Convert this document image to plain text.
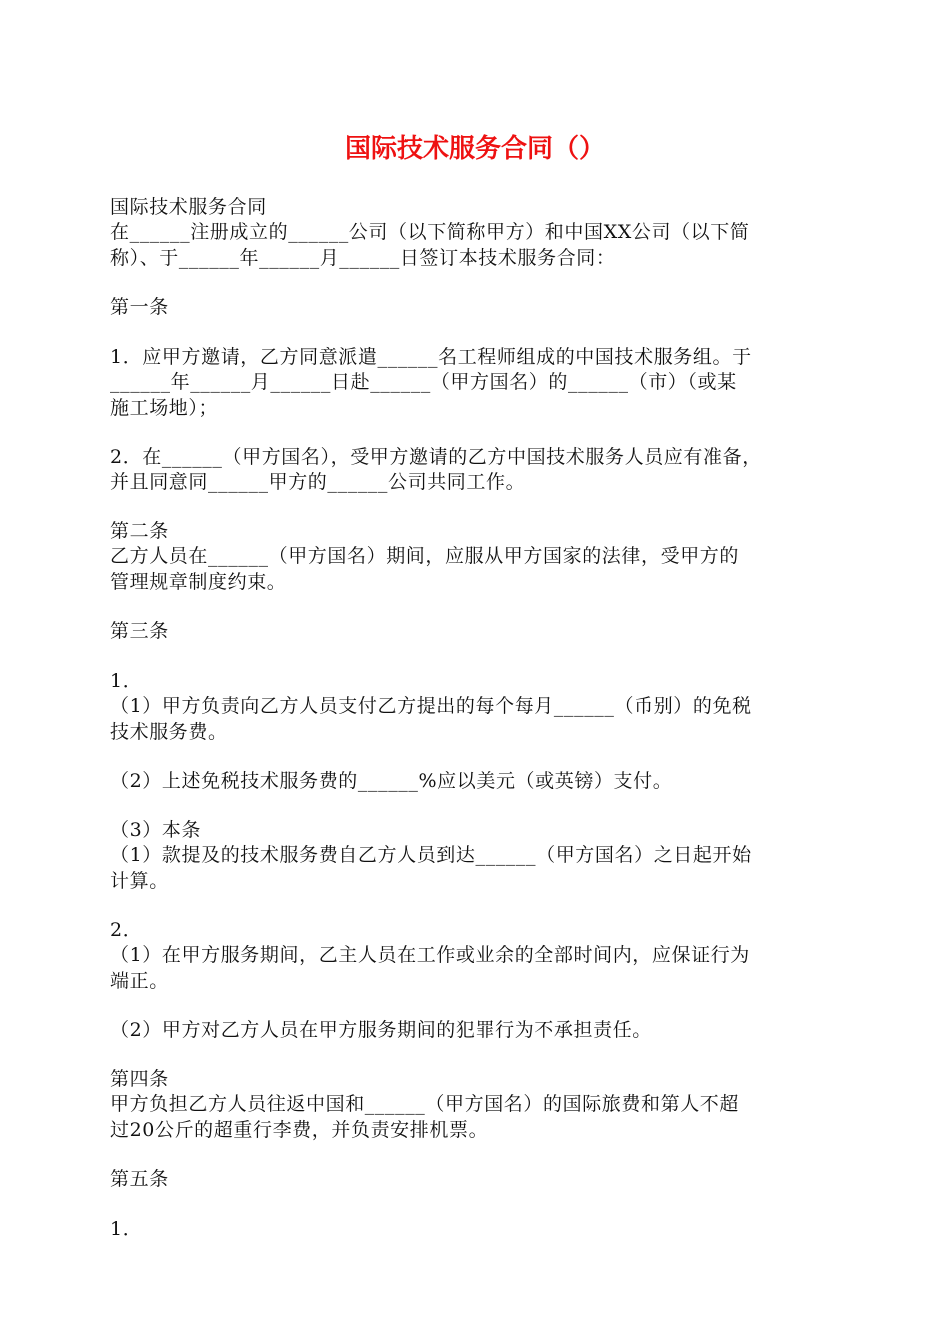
国际技术服务合同（）
国际技术服务合同
在______注册成立的______公司（以下简称甲方）和中国XX公司（以下简
称）、于______年______月______日签订本技术服务合同：
第一条
1．应甲方邀请，乙方同意派遣______名工程师组成的中国技术服务组。于
______年______月______日赴______（甲方国名）的______（市）（或某
施工场地）；
2．在______（甲方国名），受甲方邀请的乙方中国技术服务人员应有准备，
并且同意同______甲方的______公司共同工作。
第二条
乙方人员在______（甲方国名）期间，应服从甲方国家的法律，受甲方的
管理规章制度约束。
第三条
1．
（1）甲方负责向乙方人员支付乙方提出的每个每月______（币别）的免税
技术服务费。
（2）上述免税技术服务费的______%应以美元（或英镑）支付。
（3）本条
（1）款提及的技术服务费自乙方人员到达______（甲方国名）之日起开始
计算。
2．
（1）在甲方服务期间，乙主人员在工作或业余的全部时间内，应保证行为
端正。
（2）甲方对乙方人员在甲方服务期间的犯罪行为不承担责任。
第四条
甲方负担乙方人员往返中国和______（甲方国名）的国际旅费和第人不超
过20公斤的超重行李费，并负责安排机票。
第五条
1．
